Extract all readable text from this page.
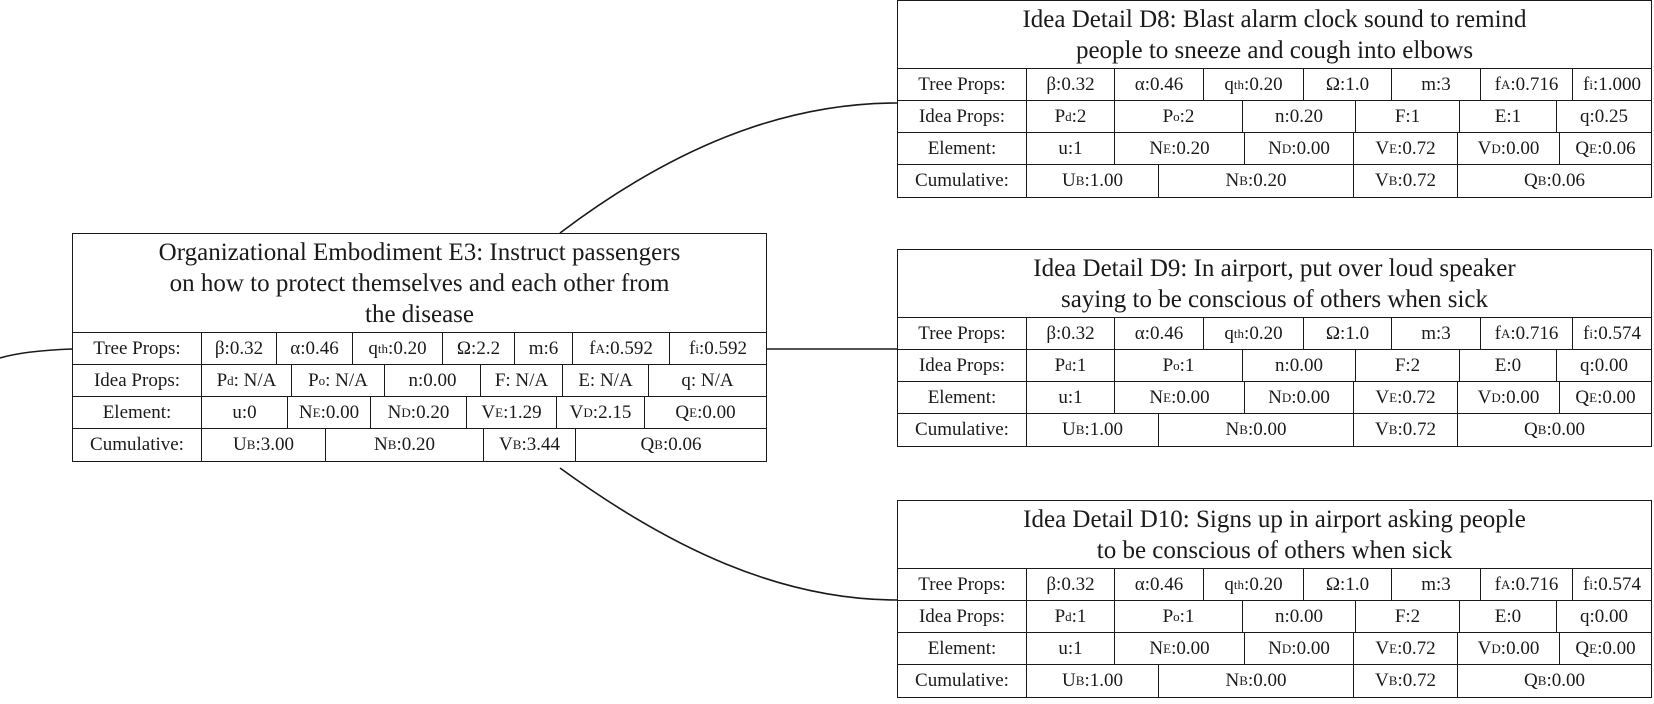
Organizational Embodiment E3: Instruct passengers
on how to protect themselves and each other from
the disease
Tree Props:	β:0.32	α:0.46	q th :0.20	Ω:2.2	m:6	f A :0.592	f i :0.592
Idea Props:	P d : N/A	P o : N/A	n:0.00	F: N/A	E: N/A	q: N/A
Element:	u:0	N E :0.00	N D :0.20	V E :1.29	V D :2.15	Q E :0.00
Cumulative:	U B :3.00	N B :0.20	V B :3.44	Q B :0.06
Idea Detail D8: Blast alarm clock sound to remind
people to sneeze and cough into elbows
Tree Props:	β:0.32	α:0.46	q th :0.20	Ω:1.0	m:3	f A :0.716	f i :1.000
Idea Props:	P d :2	P o :2	n:0.20	F:1	E:1	q:0.25
Element:	u:1	N E :0.20	N D :0.00	V E :0.72	V D :0.00	Q E :0.06
Cumulative:	U B :1.00	N B :0.20	V B :0.72	Q B :0.06
Idea Detail D9: In airport, put over loud speaker
saying to be conscious of others when sick
Tree Props:	β:0.32	α:0.46	q th :0.20	Ω:1.0	m:3	f A :0.716	f i :0.574
Idea Props:	P d :1	P o :1	n:0.00	F:2	E:0	q:0.00
Element:	u:1	N E :0.00	N D :0.00	V E :0.72	V D :0.00	Q E :0.00
Cumulative:	U B :1.00	N B :0.00	V B :0.72	Q B :0.00
Idea Detail D10: Signs up in airport asking people
to be conscious of others when sick
Tree Props:	β:0.32	α:0.46	q th :0.20	Ω:1.0	m:3	f A :0.716	f i :0.574
Idea Props:	P d :1	P o :1	n:0.00	F:2	E:0	q:0.00
Element:	u:1	N E :0.00	N D :0.00	V E :0.72	V D :0.00	Q E :0.00
Cumulative:	U B :1.00	N B :0.00	V B :0.72	Q B :0.00
